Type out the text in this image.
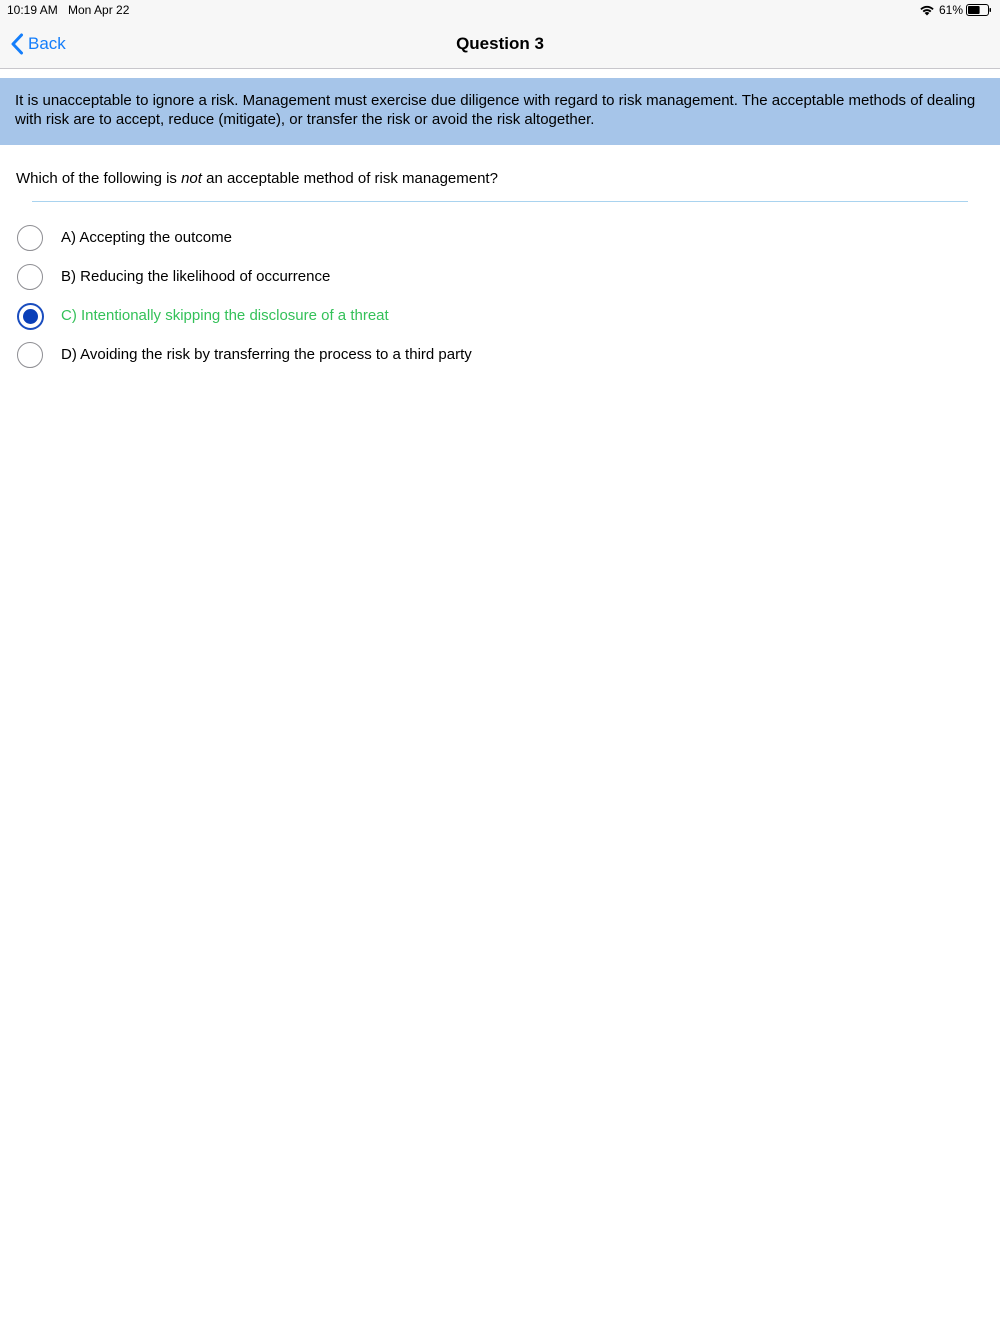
10:19 AM Mon Apr 22	61%
Back	Question 3
It is unacceptable to ignore a risk. Management must exercise due diligence with regard to risk management. The acceptable methods of dealing with risk are to accept, reduce (mitigate), or transfer the risk or avoid the risk altogether.
Which of the following is not an acceptable method of risk management?
A) Accepting the outcome
B) Reducing the likelihood of occurrence
C) Intentionally skipping the disclosure of a threat
D) Avoiding the risk by transferring the process to a third party
